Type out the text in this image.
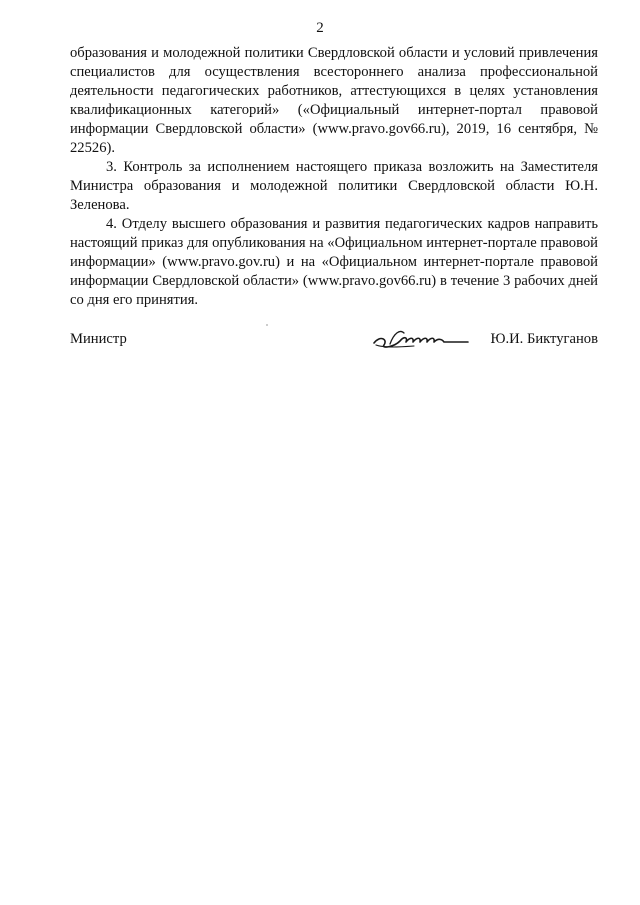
2

образования и молодежной политики Свердловской области и условий привлечения специалистов для осуществления всестороннего анализа профессиональной деятельности педагогических работников, аттестующихся в целях установления квалификационных категорий» («Официальный интернет-портал правовой информации Свердловской области» (www.pravo.gov66.ru), 2019, 16 сентября, № 22526).

3. Контроль за исполнением настоящего приказа возложить на Заместителя Министра образования и молодежной политики Свердловской области Ю.Н. Зеленова.

4. Отделу высшего образования и развития педагогических кадров направить настоящий приказ для опубликования на «Официальном интернет-портале правовой информации» (www.pravo.gov.ru) и на «Официальном интернет-портале правовой информации Свердловской области» (www.pravo.gov66.ru) в течение 3 рабочих дней со дня его принятия.

Министр	Ю.И. Биктуганов
